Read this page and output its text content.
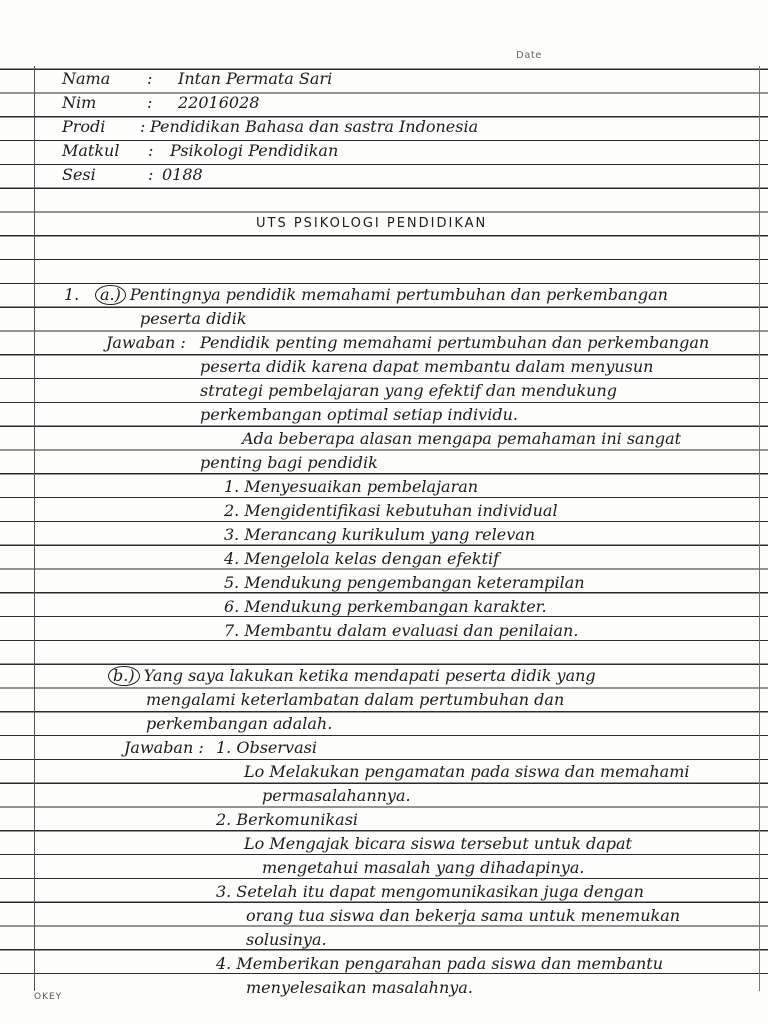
Date
Nama : Intan Permata Sari
Nim	: 22016028
Prodi : Pendidikan Bahasa dan sastra Indonesia
Matkul : Psikologi Pendidikan
Sesi	: 0188
UTS PSIKOLOGI PENDIDIKAN
1.	a.) Pentingnya pendidik memahami pertumbuhan dan perkembangan
peserta didik
Jawaban : Pendidik penting memahami pertumbuhan dan perkembangan
peserta didik karena dapat membantu dalam menyusun
strategi pembelajaran yang efektif dan mendukung
perkembangan optimal setiap individu.
Ada beberapa alasan mengapa pemahaman ini sangat
penting bagi pendidik
1. Menyesuaikan pembelajaran
2. Mengidentifikasi kebutuhan individual
3. Merancang kurikulum yang relevan
4. Mengelola kelas dengan efektif
5. Mendukung pengembangan keterampilan
6. Mendukung perkembangan karakter.
7. Membantu dalam evaluasi dan penilaian.
b.) Yang saya lakukan ketika mendapati peserta didik yang
mengalami keterlambatan dalam pertumbuhan dan
perkembangan adalah.
Jawaban : 1. Observasi
Lo Melakukan pengamatan pada siswa dan memahami
permasalahannya.
2. Berkomunikasi
Lo Mengajak bicara siswa tersebut untuk dapat
mengetahui masalah yang dihadapinya.
3. Setelah itu dapat mengomunikasikan juga dengan
orang tua siswa dan bekerja sama untuk menemukan
solusinya.
4. Memberikan pengarahan pada siswa dan membantu
menyelesaikan masalahnya.
OKEY
